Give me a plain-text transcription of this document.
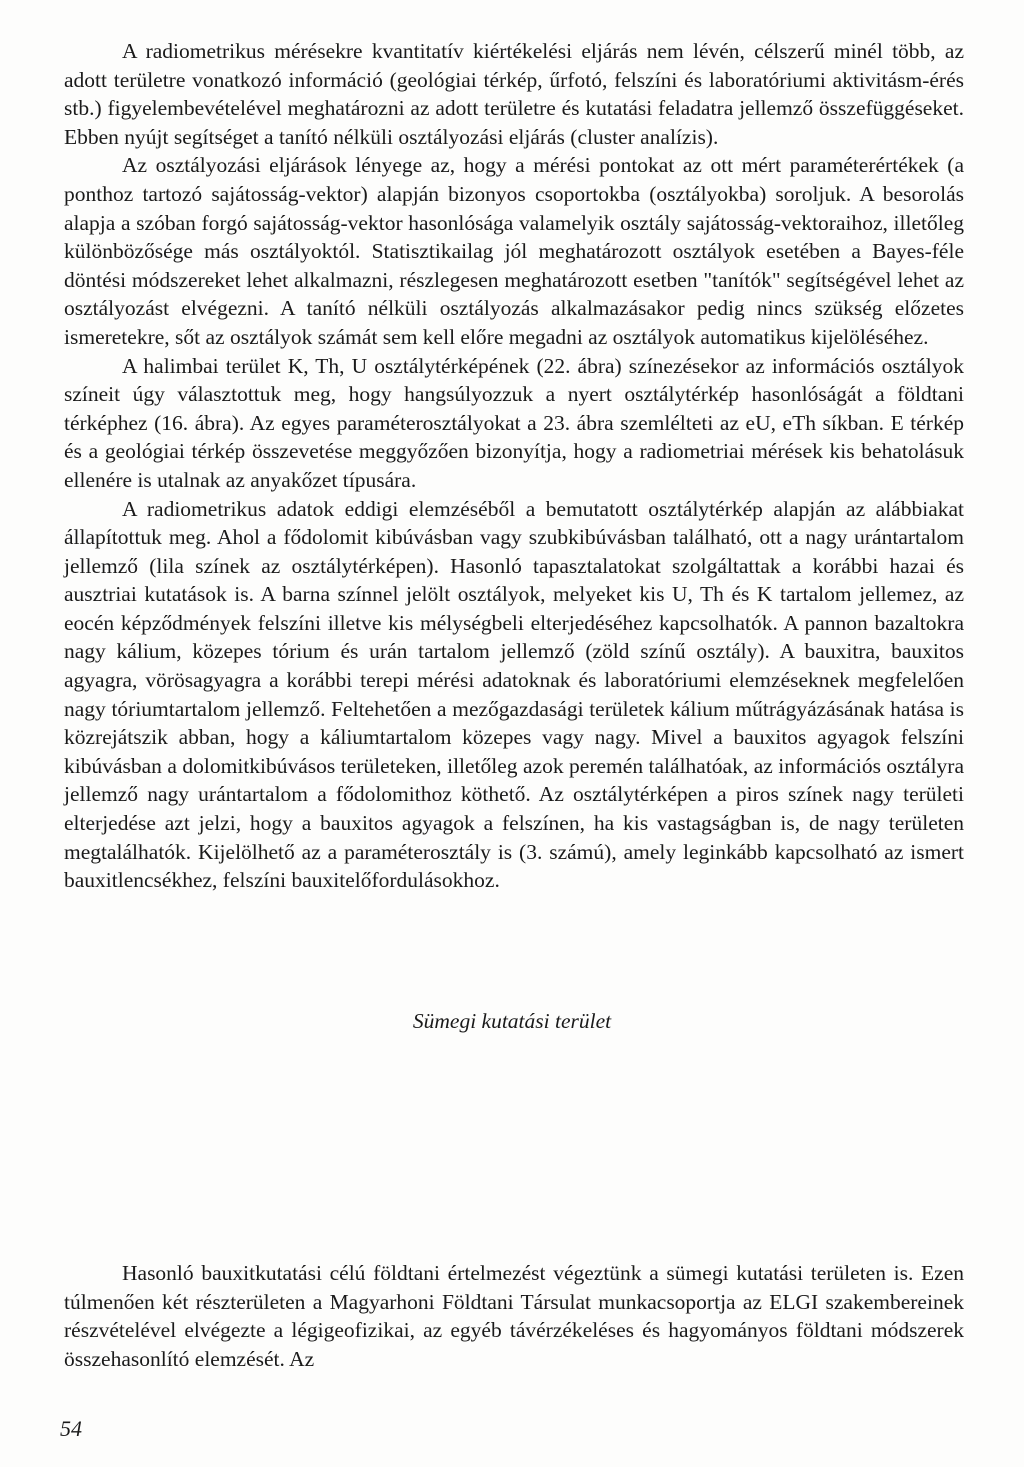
A radiometrikus mérésekre kvantitatív kiértékelési eljárás nem lévén, célszerű minél több, az adott területre vonatkozó információ (geológiai térkép, űrfotó, felszíni és laboratóriumi aktivitásm-érés stb.) figyelembevételével meghatározni az adott területre és kutatási feladatra jellemző összefüggéseket. Ebben nyújt segítséget a tanító nélküli osztályozási eljárás (cluster analízis).

Az osztályozási eljárások lényege az, hogy a mérési pontokat az ott mért paraméterértékek (a ponthoz tartozó sajátosság-vektor) alapján bizonyos csoportokba (osztályokba) soroljuk. A besorolás alapja a szóban forgó sajátosság-vektor hasonlósága valamelyik osztály sajátosság-vektoraihoz, illetőleg különbözősége más osztályoktól. Statisztikailag jól meghatározott osztályok esetében a Bayes-féle döntési módszereket lehet alkalmazni, részlegesen meghatározott esetben "tanítók" segítségével lehet az osztályozást elvégezni. A tanító nélküli osztályozás alkalmazásakor pedig nincs szükség előzetes ismeretekre, sőt az osztályok számát sem kell előre megadni az osztályok automatikus kijelöléséhez.

A halimbai terület K, Th, U osztálytérképének (22. ábra) színezésekor az információs osztályok színeit úgy választottuk meg, hogy hangsúlyozzuk a nyert osztálytérkép hasonlóságát a földtani térképhez (16. ábra). Az egyes paraméterosztályokat a 23. ábra szemlélteti az eU, eTh síkban. E térkép és a geológiai térkép összevetése meggyőzően bizonyítja, hogy a radiometriai mérések kis behatolásuk ellenére is utalnak az anyakőzet típusára.

A radiometrikus adatok eddigi elemzéséből a bemutatott osztálytérkép alapján az alábbiakat állapítottuk meg. Ahol a fődolomit kibúvásban vagy szubkibúvásban található, ott a nagy urántartalom jellemző (lila színek az osztálytérképen). Hasonló tapasztalatokat szolgáltattak a korábbi hazai és ausztriai kutatások is. A barna színnel jelölt osztályok, melyeket kis U, Th és K tartalom jellemez, az eocén képződmények felszíni illetve kis mélységbeli elterjedéséhez kapcsolhatók. A pannon bazaltokra nagy kálium, közepes tórium és urán tartalom jellemző (zöld színű osztály). A bauxitra, bauxitos agyagra, vörösagyagra a korábbi terepi mérési adatoknak és laboratóriumi elemzéseknek megfelelően nagy tóriumtartalom jellemző. Feltehetően a mezőgazdasági területek kálium műtrágyázásának hatása is közrejátszik abban, hogy a káliumtartalom közepes vagy nagy. Mivel a bauxitos agyagok felszíni kibúvásban a dolomitkibúvásos területeken, illetőleg azok peremén találhatóak, az információs osztályra jellemző nagy urántartalom a fődolomithoz köthető. Az osztálytérképen a piros színek nagy területi elterjedése azt jelzi, hogy a bauxitos agyagok a felszínen, ha kis vastagságban is, de nagy területen megtalálhatók. Kijelölhető az a paraméterosztály is (3. számú), amely leginkább kapcsolható az ismert bauxitlencsékhez, felszíni bauxitelőfordulásokhoz.

Sümegi kutatási terület

Hasonló bauxitkutatási célú földtani értelmezést végeztünk a sümegi kutatási területen is. Ezen túlmenően két részterületen a Magyarhoni Földtani Társulat munkacsoportja az ELGI szakembereinek részvételével elvégezte a légigeofizikai, az egyéb távérzékeléses és hagyományos földtani módszerek összehasonlító elemzését. Az

54
